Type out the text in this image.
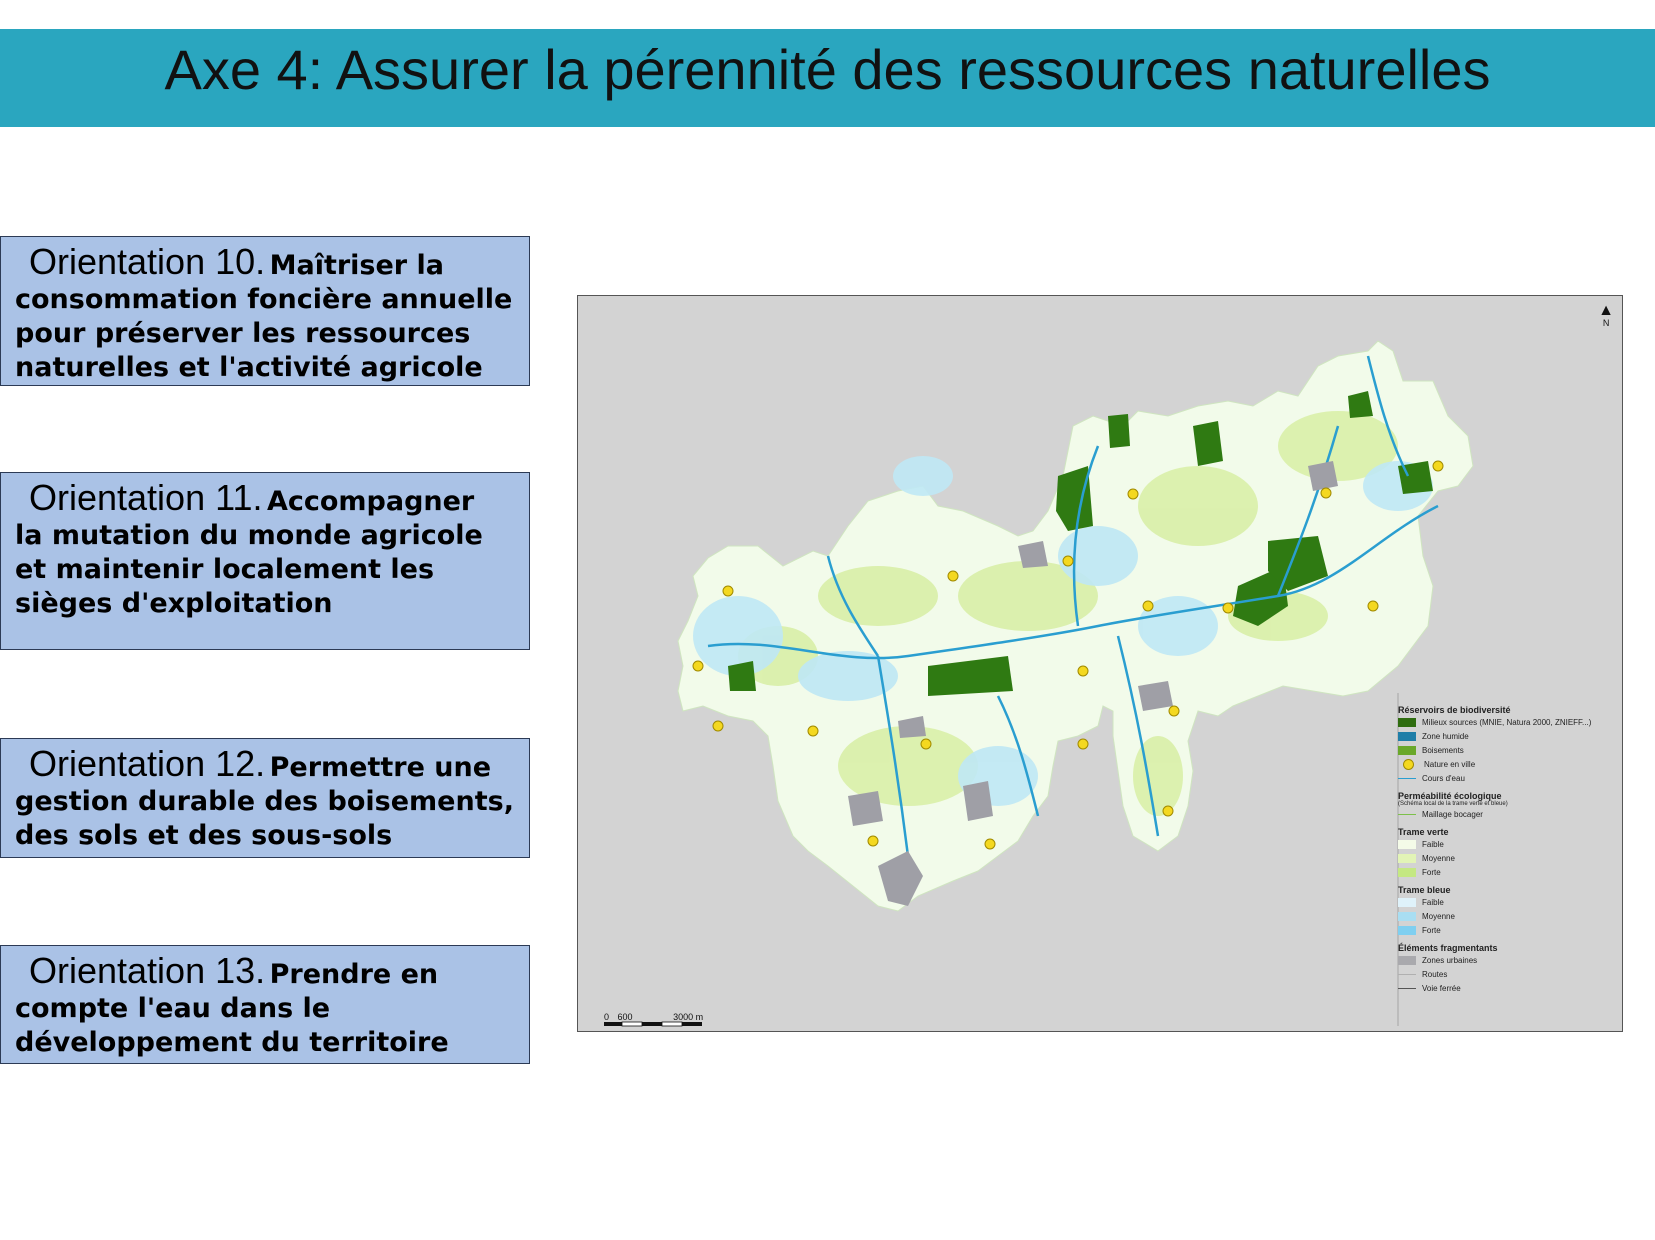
Axe 4: Assurer la pérennité des ressources naturelles
Orientation 10. Maîtriser la
consommation foncière annuelle pour préserver les ressources naturelles et l'activité agricole
Orientation 11. Accompagner
la mutation du monde agricole et maintenir localement les sièges d'exploitation
Orientation 12. Permettre une
gestion durable des boisements, des sols et des sous-sols
Orientation 13. Prendre en
compte l'eau dans le développement du territoire
▲
N
0 600	3000 m
Réservoirs de biodiversité
Milieux sources (MNIE, Natura 2000, ZNIEFF...)
Zone humide
Boisements
Nature en ville
Cours d'eau
Perméabilité écologique
(Schéma local de la trame verte et bleue)
Maillage bocager
Trame verte
Faible
Moyenne
Forte
Trame bleue
Faible
Moyenne
Forte
Éléments fragmentants
Zones urbaines
Routes
Voie ferrée
